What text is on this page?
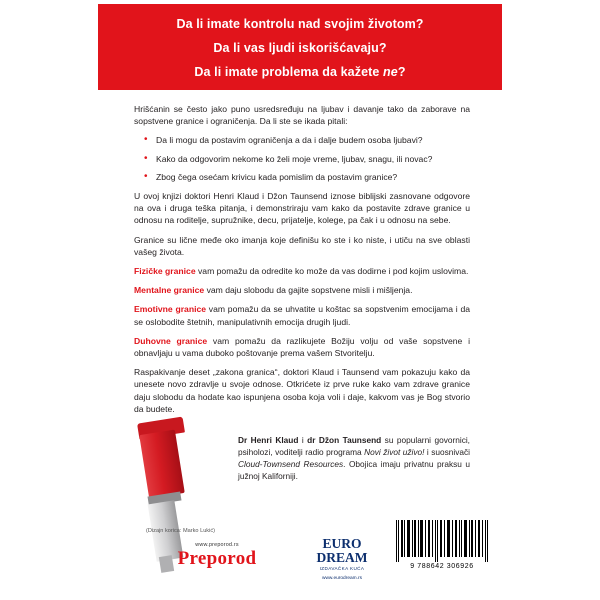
Da li imate kontrolu nad svojim životom?

Da li vas ljudi iskorišćavaju?

Da li imate problema da kažete ne?

Hrišćanin se često jako puno usredsređuju na ljubav i davanje tako da zaborave na sopstvene granice i ograničenja. Da li ste se ikada pitali:

• Da li mogu da postavim ograničenja a da i dalje budem osoba ljubavi?
• Kako da odgovorim nekome ko želi moje vreme, ljubav, snagu, ili novac?
• Zbog čega osećam krivicu kada pomislim da postavim granice?

U ovoj knjizi doktori Henri Klaud i Džon Taunsend iznose biblijski zasnovane odgovore na ova i druga teška pitanja, i demonstriraju vam kako da postavite zdrave granice u odnosu na roditelje, supružnike, decu, prijatelje, kolege, pa čak i u odnosu na sebe.

Granice su lične međe oko imanja koje definišu ko ste i ko niste, i utiču na sve oblasti vašeg života.

Fizičke granice vam pomažu da odredite ko može da vas dodirne i pod kojim uslovima.

Mentalne granice vam daju slobodu da gajite sopstvene misli i mišljenja.

Emotivne granice vam pomažu da se uhvatite u koštac sa sopstvenim emocijama i da se oslobodite štetnih, manipulativnih emocija drugih ljudi.

Duhovne granice vam pomažu da razlikujete Božiju volju od vaše sopstvene i obnavljaju u vama duboko poštovanje prema vašem Stvoritelju.

Raspakivanje deset „zakona granica“, doktori Klaud i Taunsend vam pokazuju kako da unesete novo zdravlje u svoje odnose. Otkrićete iz prve ruke kako vam zdrave granice daju slobodu da hodate kao ispunjena osoba koja voli i daje, kakvom vas je Bog stvorio da budete.

Dr Henri Klaud i dr Džon Taunsend su popularni govornici, psiholozi, voditelji radio programa Novi život uživo! i suosnivači Cloud-Townsend Resources. Obojica imaju privatnu praksu u južnoj Kaliforniji.
(Dizajn korica: Marko Lukić)
www.preporod.rs
Preporod
EURO
DREAM
IZDAVAČKA KUĆA
www.eurodream.rs
9 788642 306926
